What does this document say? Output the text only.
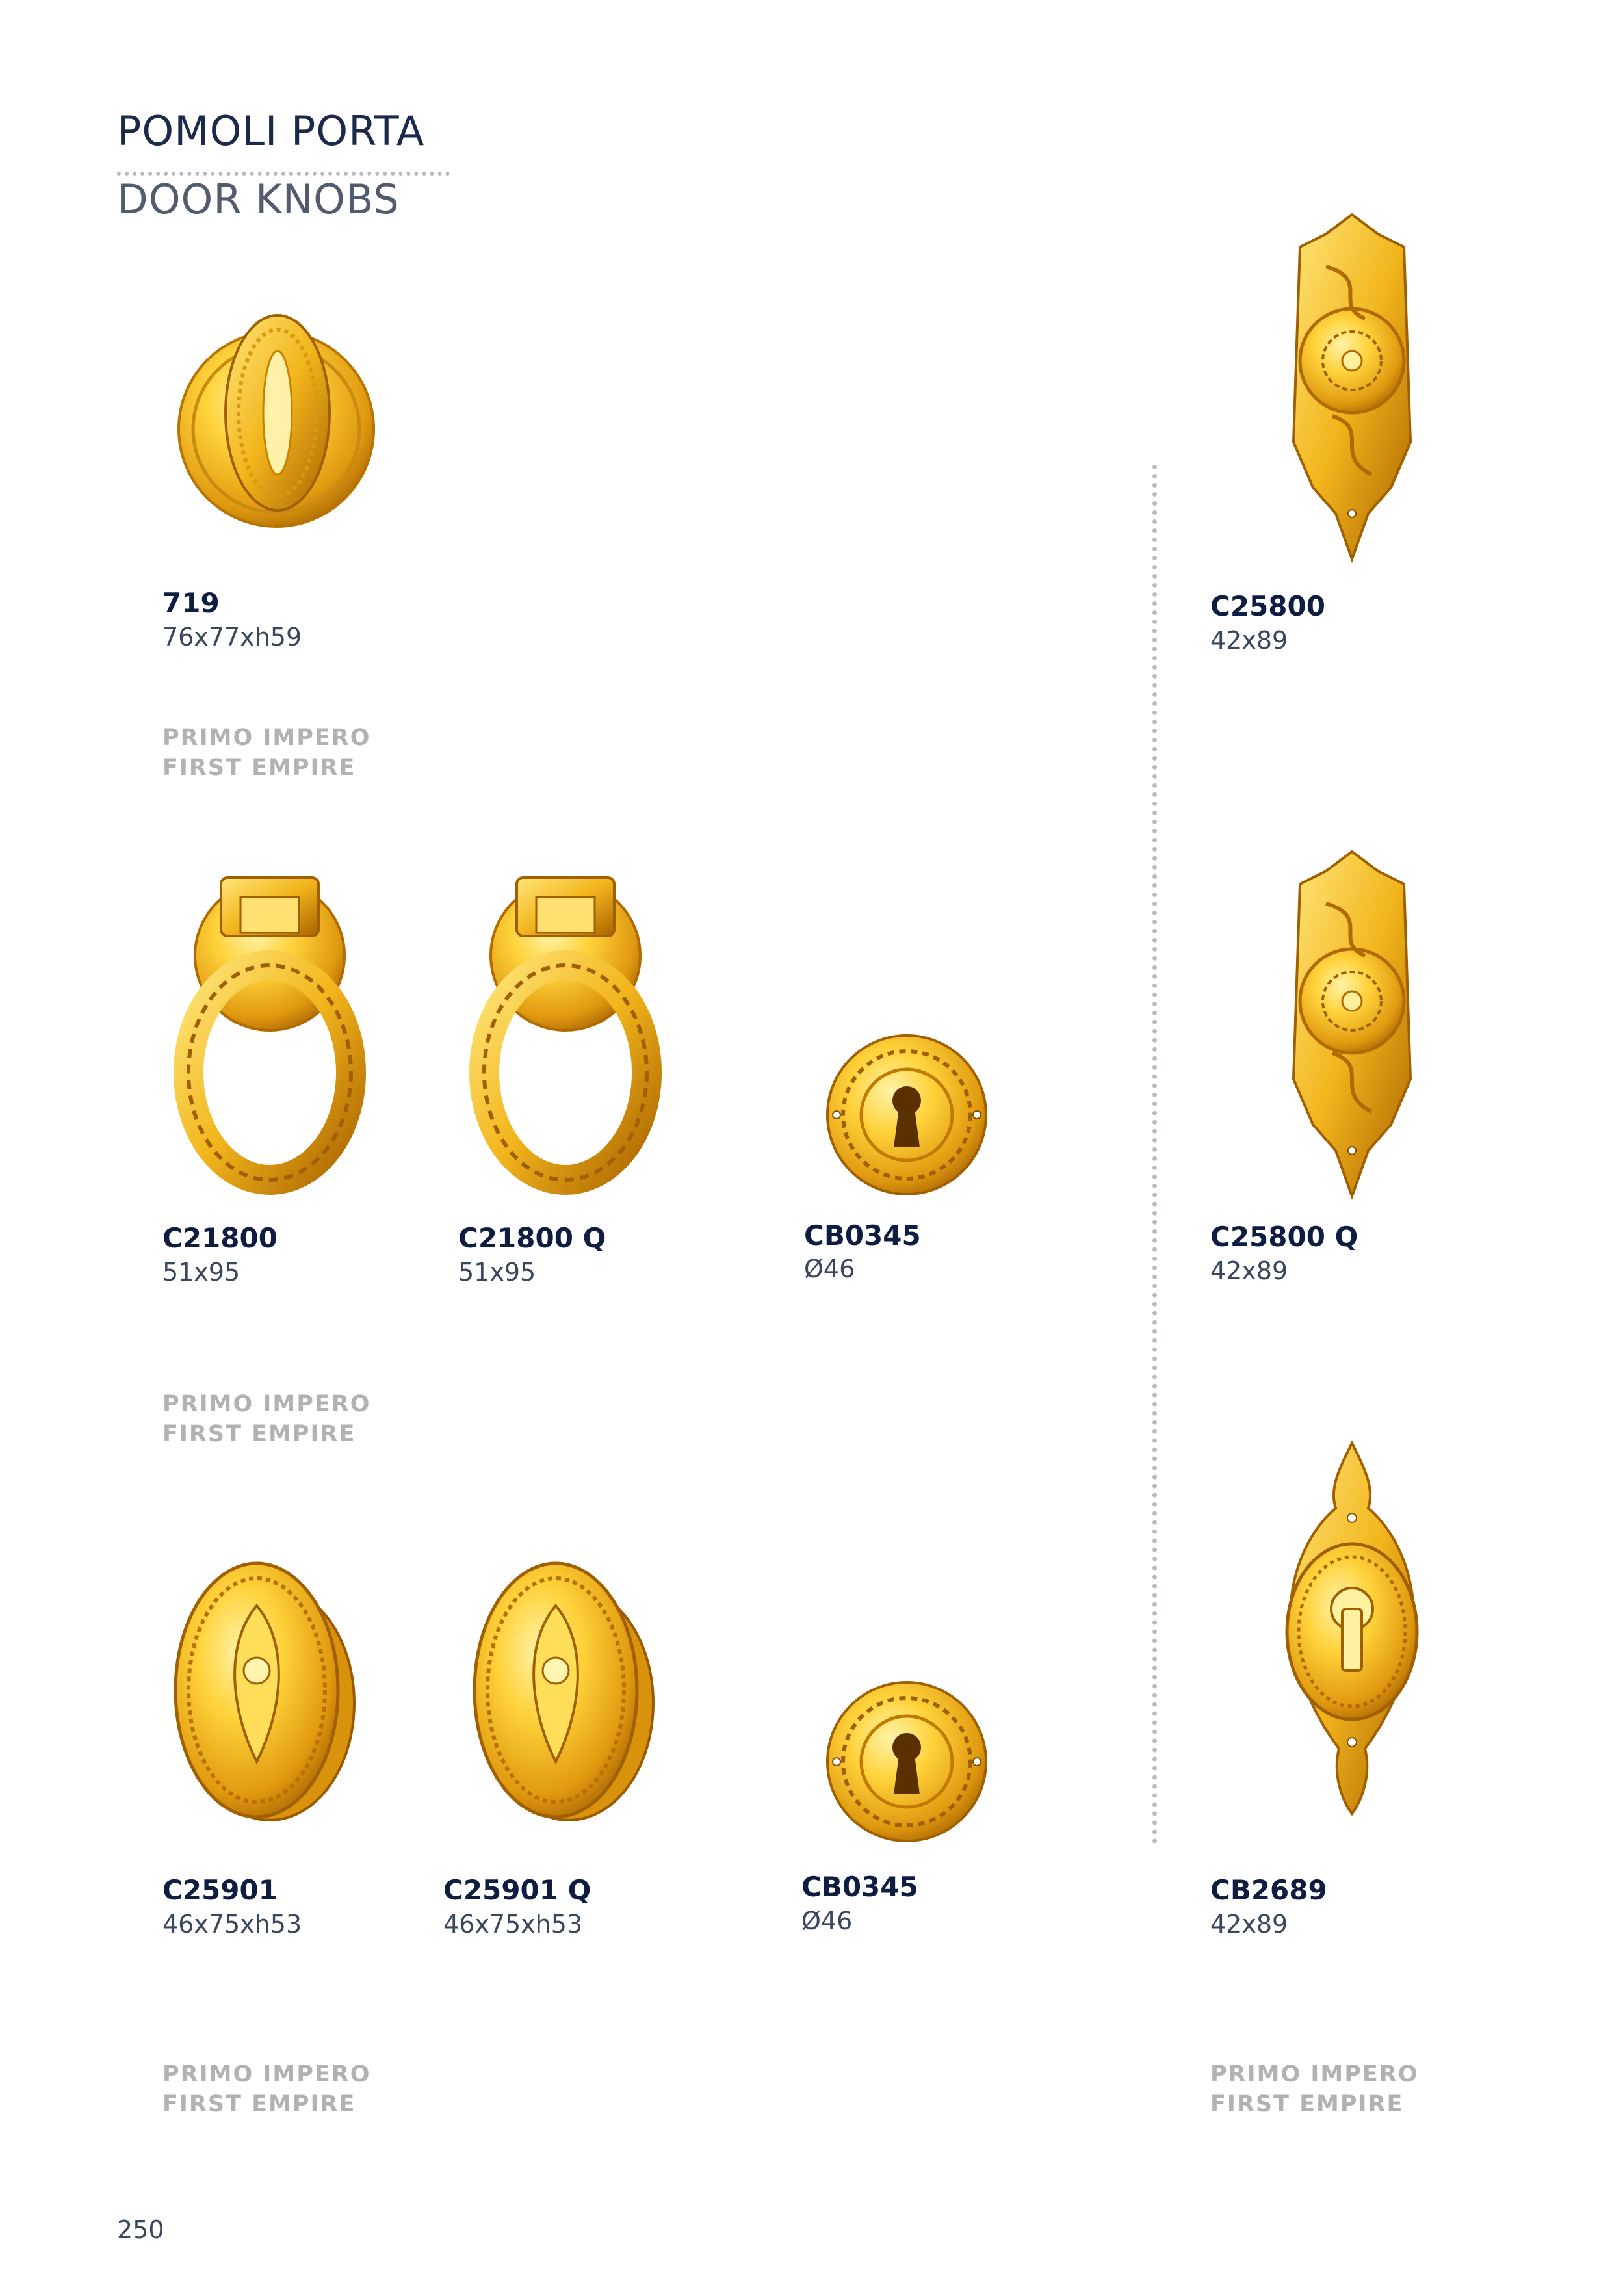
POMOLI PORTA
DOOR KNOBS
719
76x77xh59
C25800
42x89
C21800
51x95
C21800 Q
51x95
CB0345
Ø46
C25800 Q
42x89
C25901
46x75xh53
C25901 Q
46x75xh53
CB0345
Ø46
CB2689
42x89
PRIMO IMPERO
FIRST EMPIRE
PRIMO IMPERO
FIRST EMPIRE
PRIMO IMPERO
FIRST EMPIRE
PRIMO IMPERO
FIRST EMPIRE
250
